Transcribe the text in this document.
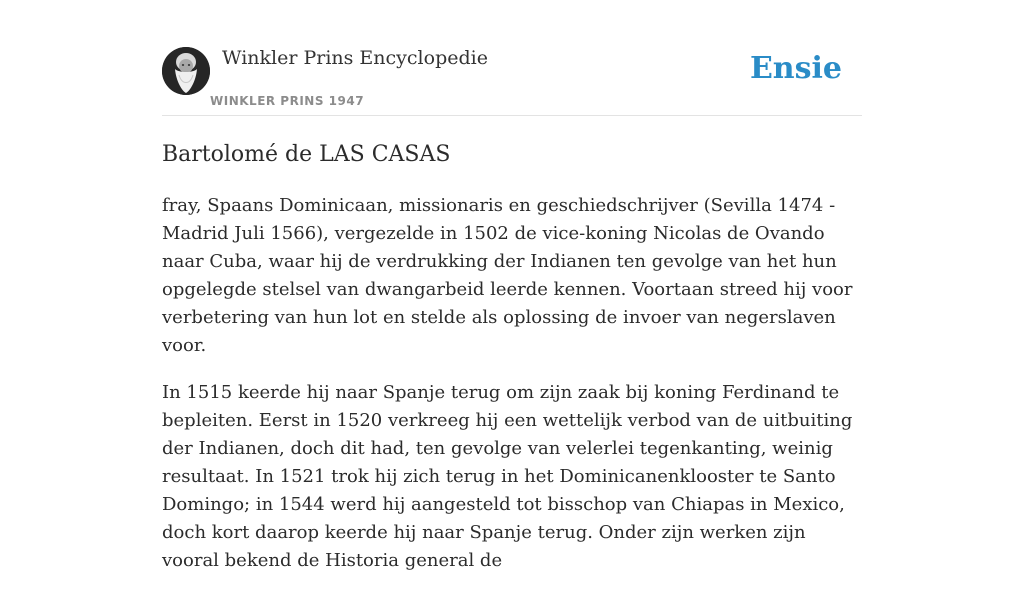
Winkler Prins Encyclopedie
WINKLER PRINS 1947
Ensie
Bartolomé de LAS CASAS

fray, Spaans Dominicaan, missionaris en geschiedschrijver (Sevilla 1474 - Madrid Juli 1566), vergezelde in 1502 de vice-koning Nicolas de Ovando naar Cuba, waar hij de verdrukking der Indianen ten gevolge van het hun opgelegde stelsel van dwangarbeid leerde kennen. Voortaan streed hij voor verbetering van hun lot en stelde als oplossing de invoer van negerslaven voor.

In 1515 keerde hij naar Spanje terug om zijn zaak bij koning Ferdinand te bepleiten. Eerst in 1520 verkreeg hij een wettelijk verbod van de uitbuiting der Indianen, doch dit had, ten gevolge van velerlei tegenkanting, weinig resultaat. In 1521 trok hij zich terug in het Dominicanenklooster te Santo Domingo; in 1544 werd hij aangesteld tot bisschop van Chiapas in Mexico, doch kort daarop keerde hij naar Spanje terug. Onder zijn werken zijn vooral bekend de Historia general de
